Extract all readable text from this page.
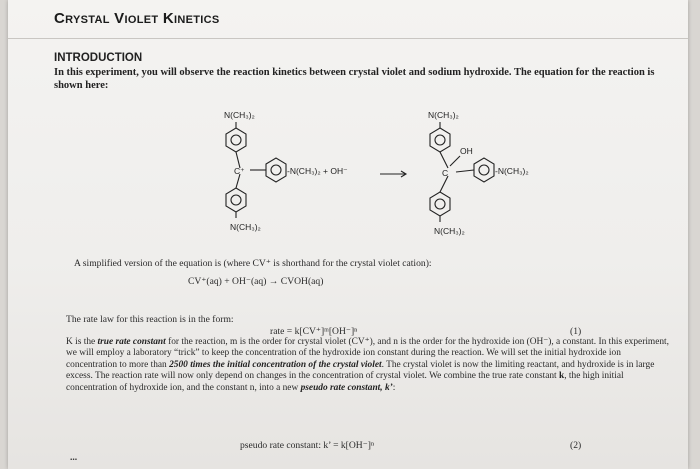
Crystal Violet Kinetics
INTRODUCTION
In this experiment, you will observe the reaction kinetics between crystal violet and sodium hydroxide. The equation for the reaction is shown here:
N(CH₃)₂
N(CH₃)₂
C⁺	-N(CH₃)₂ + OH⁻
N(CH₃)₂
N(CH₃)₂
OH
C	-N(CH₃)₂
A simplified version of the equation is (where CV⁺ is shorthand for the crystal violet cation):
CV⁺(aq) + OH⁻(aq) → CVOH(aq)
The rate law for this reaction is in the form:
rate = k[CV⁺]ᵐ[OH⁻]ⁿ	(1)
K is the true rate constant for the reaction, m is the order for crystal violet (CV⁺), and n is the order for the hydroxide ion (OH⁻), a constant. In this experiment, we will employ a laboratory “trick” to keep the concentration of the hydroxide ion constant during the reaction. We will set the initial hydroxide ion concentration to more than 2500 times the initial concentration of the crystal violet. The crystal violet is now the limiting reactant, and hydroxide is in large excess. The reaction rate will now only depend on changes in the concentration of crystal violet. We combine the true rate constant k, the high initial concentration of hydroxide ion, and the constant n, into a new pseudo rate constant, k’:
pseudo rate constant: k’ = k[OH⁻]ⁿ	(2)
...
